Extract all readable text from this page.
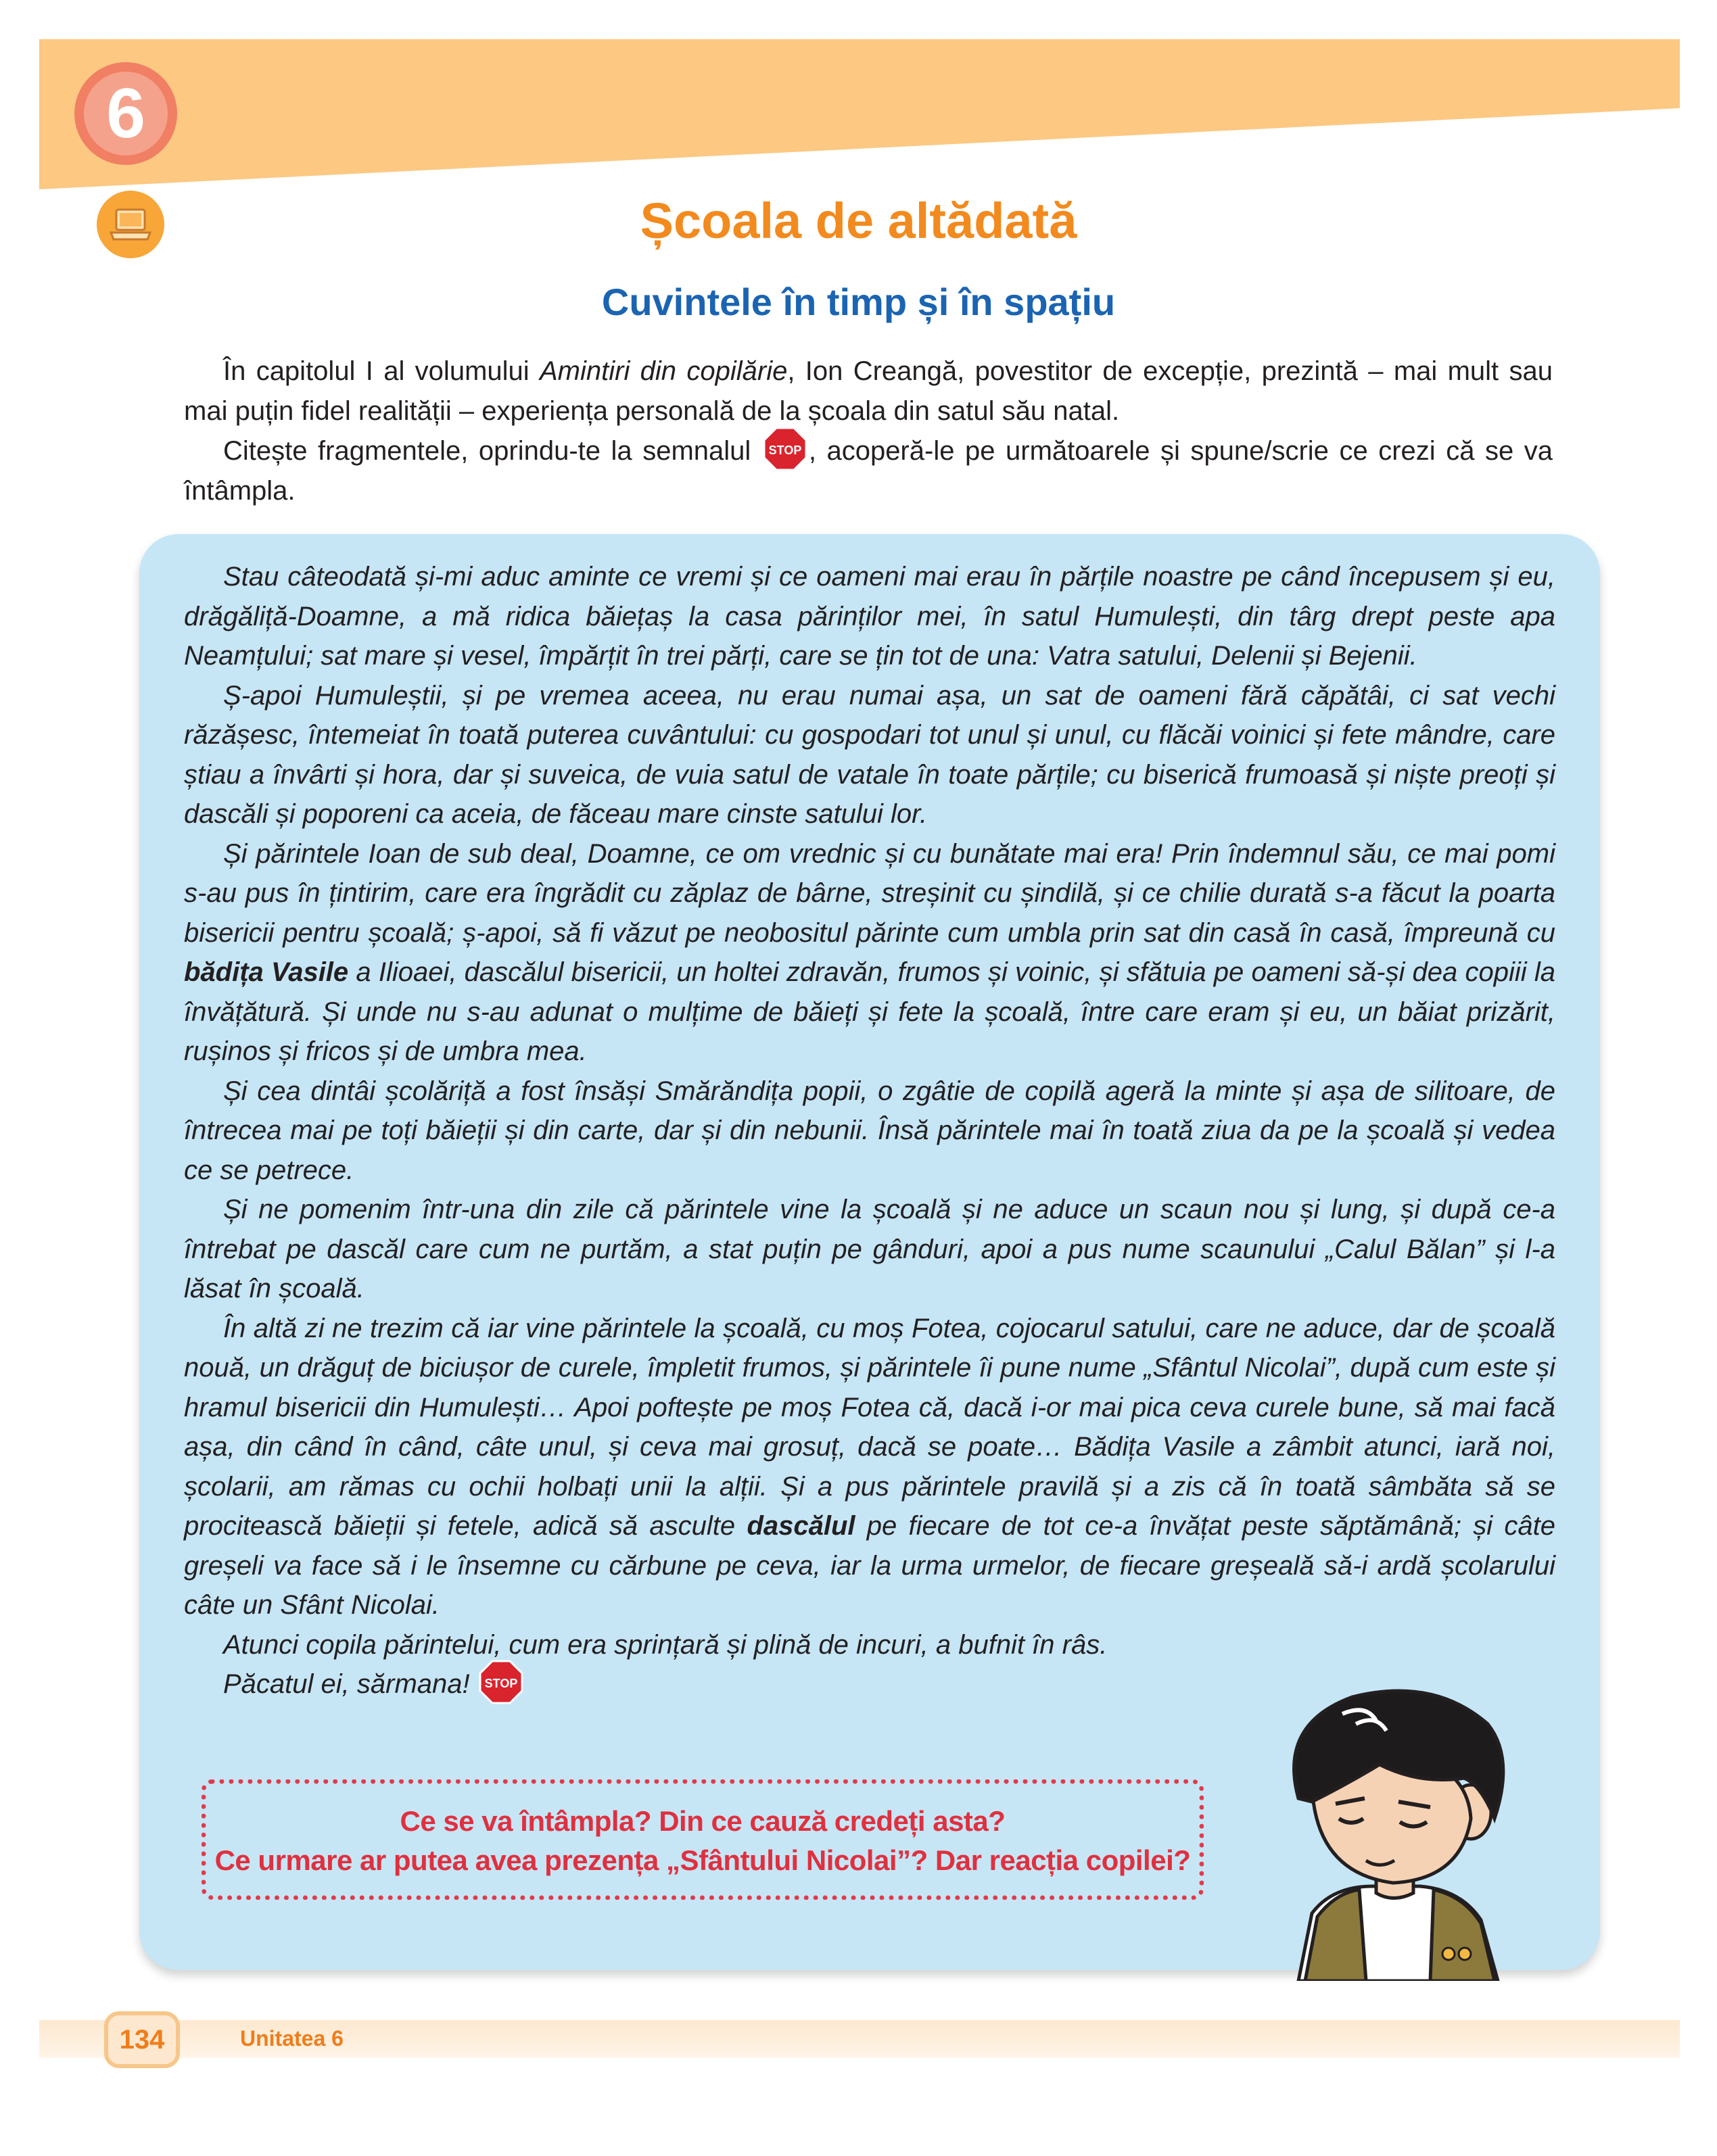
6
Școala de altădată
Cuvintele în timp și în spațiu

În capitolul I al volumului Amintiri din copilărie, Ion Creangă, povestitor de excepție, prezintă – mai mult sau mai puțin fidel realității – experiența personală de la școala din satul său natal.

Citește fragmentele, oprindu-te la semnalul STOP , acoperă-le pe următoarele și spune/scrie ce crezi că se va întâmpla.

Stau câteodată și-mi aduc aminte ce vremi și ce oameni mai erau în părțile noastre pe când începusem și eu, drăgăliță-Doamne, a mă ridica băiețaș la casa părinților mei, în satul Humulești, din târg drept peste apa Neamțului; sat mare și vesel, împărțit în trei părți, care se țin tot de una: Vatra satului, Delenii și Bejenii.

Ș-apoi Humuleștii, și pe vremea aceea, nu erau numai așa, un sat de oameni fără căpătâi, ci sat vechi răzășesc, întemeiat în toată puterea cuvântului: cu gospodari tot unul și unul, cu flăcăi voinici și fete mândre, care știau a învârti și hora, dar și suveica, de vuia satul de vatale în toate părțile; cu biserică frumoasă și niște preoți și dascăli și poporeni ca aceia, de făceau mare cinste satului lor.

Și părintele Ioan de sub deal, Doamne, ce om vrednic și cu bunătate mai era! Prin îndemnul său, ce mai pomi s-au pus în țintirim, care era îngrădit cu zăplaz de bârne, streșinit cu șindilă, și ce chilie durată s-a făcut la poarta bisericii pentru școală; ș-apoi, să fi văzut pe neobositul părinte cum umbla prin sat din casă în casă, împreună cu bădița Vasile a Ilioaei, dascălul bisericii, un holtei zdravăn, frumos și voinic, și sfătuia pe oameni să-și dea copiii la învățătură. Și unde nu s-au adunat o mulțime de băieți și fete la școală, între care eram și eu, un băiat prizărit, rușinos și fricos și de umbra mea.

Și cea dintâi școlăriță a fost însăși Smărăndița popii, o zgâtie de copilă ageră la minte și așa de silitoare, de întrecea mai pe toți băieții și din carte, dar și din nebunii. Însă părintele mai în toată ziua da pe la școală și vedea ce se petrece.

Și ne pomenim într-una din zile că părintele vine la școală și ne aduce un scaun nou și lung, și după ce-a întrebat pe dascăl care cum ne purtăm, a stat puțin pe gânduri, apoi a pus nume scaunului „Calul Bălan” și l-a lăsat în școală.

În altă zi ne trezim că iar vine părintele la școală, cu moș Fotea, cojocarul satului, care ne aduce, dar de școală nouă, un drăguț de biciușor de curele, împletit frumos, și părintele îi pune nume „Sfântul Nicolai”, după cum este și hramul bisericii din Humulești… Apoi poftește pe moș Fotea că, dacă i-or mai pica ceva curele bune, să mai facă așa, din când în când, câte unul, și ceva mai grosuț, dacă se poate… Bădița Vasile a zâmbit atunci, iară noi, școlarii, am rămas cu ochii holbați unii la alții. Și a pus părintele pravilă și a zis că în toată sâmbăta să se procitească băieții și fetele, adică să asculte dascălul pe fiecare de tot ce-a învățat peste săptămână; și câte greșeli va face să i le însemne cu cărbune pe ceva, iar la urma urmelor, de fiecare greșeală să-i ardă școlarului câte un Sfânt Nicolai.

Atunci copila părintelui, cum era sprințară și plină de incuri, a bufnit în râs.

Păcatul ei, sărmana! STOP

Ce se va întâmpla? Din ce cauză credeți asta?
Ce urmare ar putea avea prezența „Sfântului Nicolai”? Dar reacția copilei?
134	Unitatea 6
